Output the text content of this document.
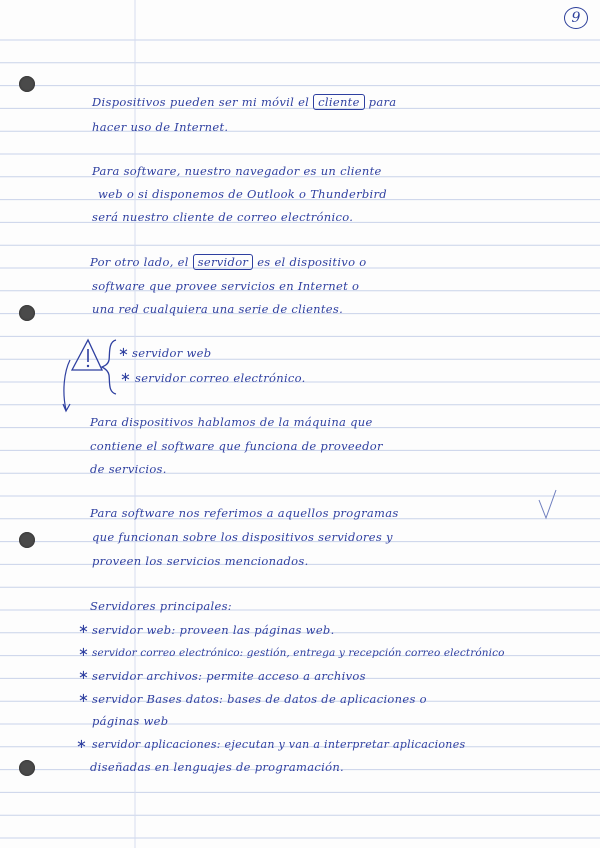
9
Dispositivos pueden ser mi móvil el cliente para
hacer uso de Internet.
Para software, nuestro navegador es un cliente
web o si disponemos de Outlook o Thunderbird
será nuestro cliente de correo electrónico.
Por otro lado, el servidor es el dispositivo o
software que provee servicios en Internet o
una red cualquiera una serie de clientes.
∗ servidor web
∗ servidor correo electrónico.
Para dispositivos hablamos de la máquina que
contiene el software que funciona de proveedor
de servicios.
Para software nos referimos a aquellos programas
que funcionan sobre los dispositivos servidores y
proveen los servicios mencionados.
Servidores principales:
∗ servidor web: proveen las páginas web.
∗ servidor correo electrónico: gestión, entrega y recepción correo electrónico
∗ servidor archivos: permite acceso a archivos
∗ servidor Bases datos: bases de datos de aplicaciones o
páginas web
∗ servidor aplicaciones: ejecutan y van a interpretar aplicaciones
diseñadas en lenguajes de programación.
